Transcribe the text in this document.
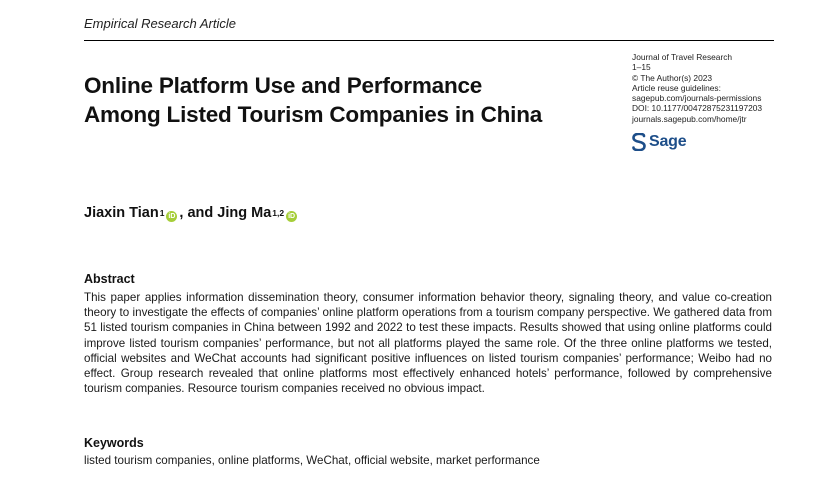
Empirical Research Article
Online Platform Use and Performance Among Listed Tourism Companies in China
Journal of Travel Research
1–15
© The Author(s) 2023
Article reuse guidelines:
sagepub.com/journals-permissions
DOI: 10.1177/00472875231197203
journals.sagepub.com/home/jtr
Sage
Jiaxin Tian$^1$ iD , and Jing Ma$^{1,2}$ iD
Abstract

This paper applies information dissemination theory, consumer information behavior theory, signaling theory, and value co-creation theory to investigate the effects of companies’ online platform operations from a tourism company perspective. We gathered data from 51 listed tourism companies in China between 1992 and 2022 to test these impacts. Results showed that using online platforms could improve listed tourism companies’ performance, but not all platforms played the same role. Of the three online platforms we tested, official websites and WeChat accounts had significant positive influences on listed tourism companies’ performance; Weibo had no effect. Group research revealed that online platforms most effectively enhanced hotels’ performance, followed by comprehensive tourism companies. Resource tourism companies received no obvious impact.

Keywords

listed tourism companies, online platforms, WeChat, official website, market performance
